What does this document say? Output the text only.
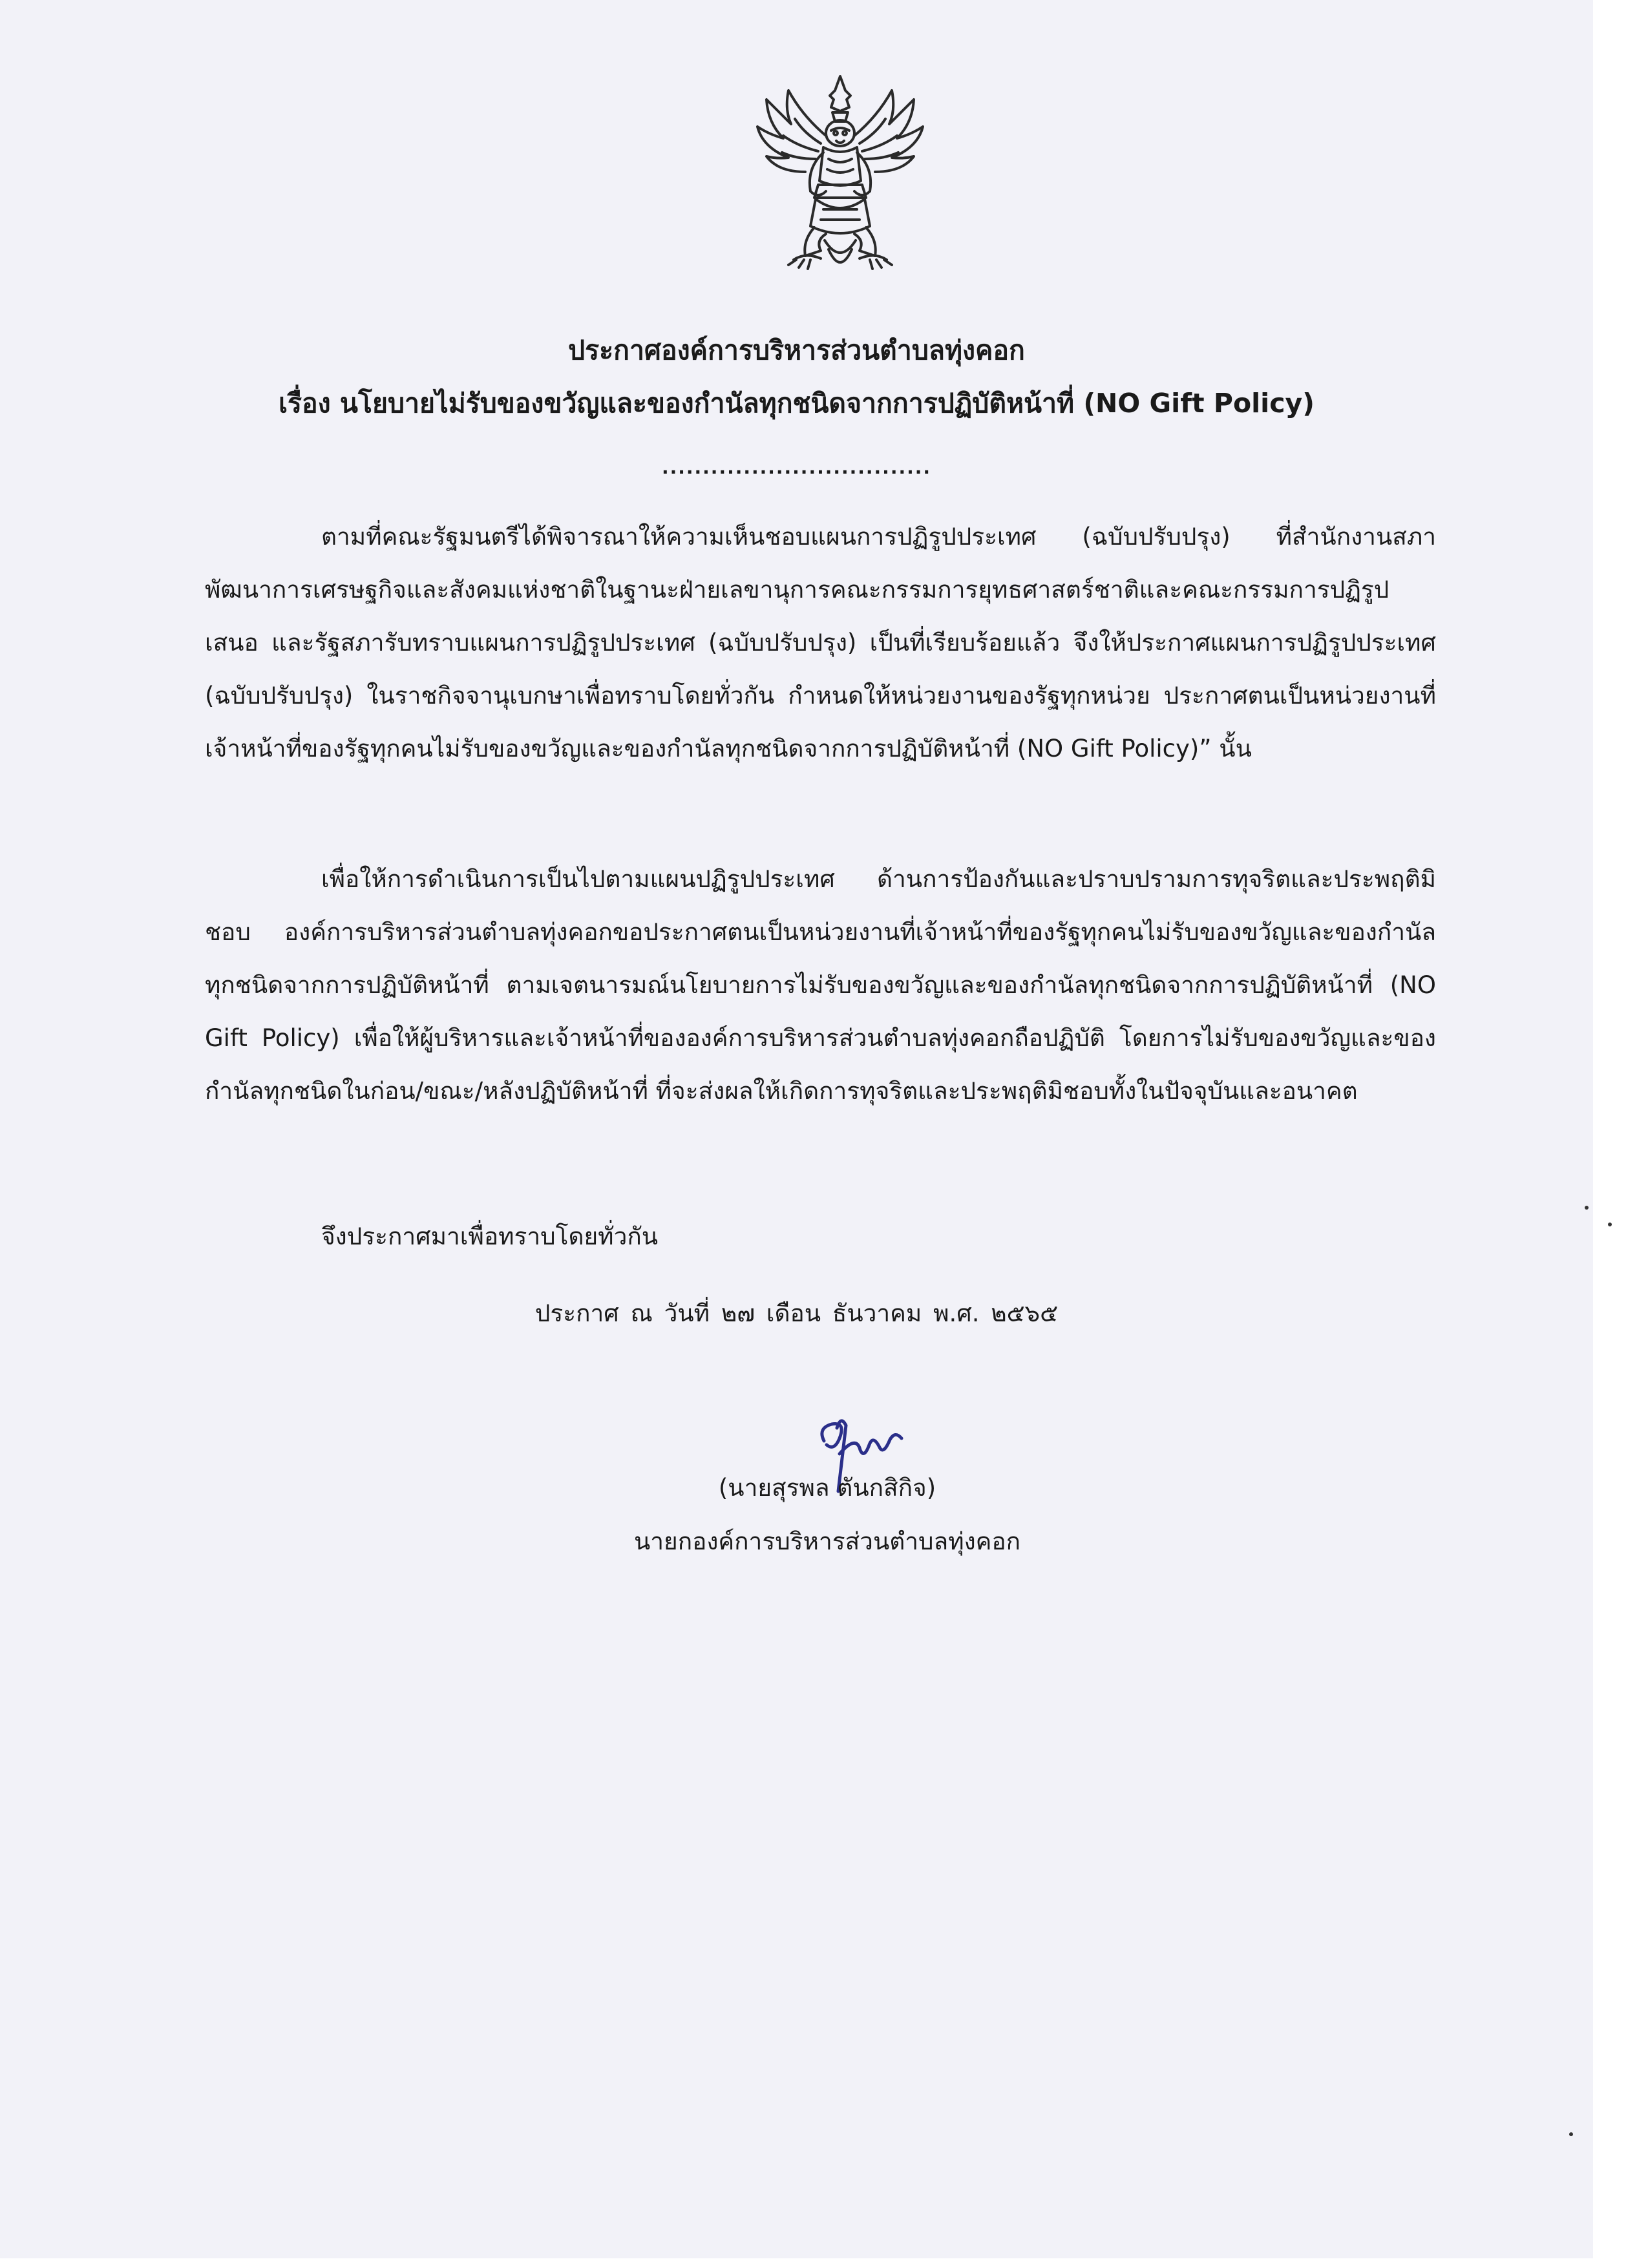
ประกาศองค์การบริหารส่วนตำบลทุ่งคอก
เรื่อง นโยบายไม่รับของขวัญและของกำนัลทุกชนิดจากการปฏิบัติหน้าที่ (NO Gift Policy)

.................................

ตามที่คณะรัฐมนตรีได้พิจารณาให้ความเห็นชอบแผนการปฏิรูปประเทศ (ฉบับปรับปรุง) ที่สำนักงานสภาพัฒนาการเศรษฐกิจและสังคมแห่งชาติในฐานะฝ่ายเลขานุการคณะกรรมการยุทธศาสตร์ชาติและคณะกรรมการปฏิรูปเสนอ และรัฐสภารับทราบแผนการปฏิรูปประเทศ (ฉบับปรับปรุง) เป็นที่เรียบร้อยแล้ว จึงให้ประกาศแผนการปฏิรูปประเทศ (ฉบับปรับปรุง) ในราชกิจจานุเบกษาเพื่อทราบโดยทั่วกัน กำหนดให้หน่วยงานของรัฐทุกหน่วย ประกาศตนเป็นหน่วยงานที่เจ้าหน้าที่ของรัฐทุกคนไม่รับของขวัญและของกำนัลทุกชนิดจากการปฏิบัติหน้าที่ (NO Gift Policy)” นั้น

เพื่อให้การดำเนินการเป็นไปตามแผนปฏิรูปประเทศ ด้านการป้องกันและปราบปรามการทุจริตและประพฤติมิชอบ องค์การบริหารส่วนตำบลทุ่งคอกขอประกาศตนเป็นหน่วยงานที่เจ้าหน้าที่ของรัฐทุกคนไม่รับของขวัญและของกำนัลทุกชนิดจากการปฏิบัติหน้าที่ ตามเจตนารมณ์นโยบายการไม่รับของขวัญและของกำนัลทุกชนิดจากการปฏิบัติหน้าที่ (NO Gift Policy) เพื่อให้ผู้บริหารและเจ้าหน้าที่ขององค์การบริหารส่วนตำบลทุ่งคอกถือปฏิบัติ โดยการไม่รับของขวัญและของกำนัลทุกชนิดในก่อน/ขณะ/หลังปฏิบัติหน้าที่ ที่จะส่งผลให้เกิดการทุจริตและประพฤติมิชอบทั้งในปัจจุบันและอนาคต

จึงประกาศมาเพื่อทราบโดยทั่วกัน

ประกาศ ณ วันที่ ๒๗ เดือน ธันวาคม พ.ศ. ๒๕๖๕

(นายสุรพล ตันกสิกิจ)

นายกองค์การบริหารส่วนตำบลทุ่งคอก
